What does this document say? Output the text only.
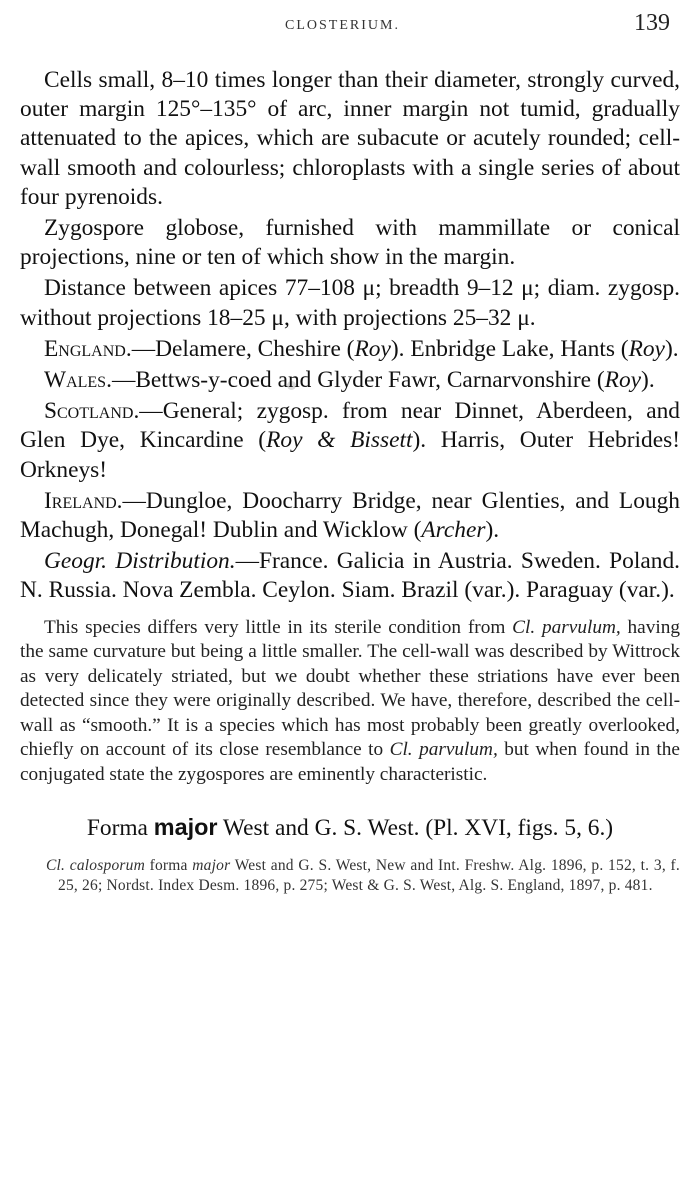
CLOSTERIUM.	139

Cells small, 8–10 times longer than their diameter, strongly curved, outer margin 125°–135° of arc, inner margin not tumid, gradually attenuated to the apices, which are subacute or acutely rounded; cell-wall smooth and colourless; chloroplasts with a single series of about four pyrenoids.

Zygospore globose, furnished with mammillate or conical projections, nine or ten of which show in the margin.

Distance between apices 77–108 μ; breadth 9–12 μ; diam. zygosp. without projections 18–25 μ, with projections 25–32 μ.

England.—Delamere, Cheshire (Roy). Enbridge Lake, Hants (Roy).

Wales.—Bettws-y-coed and Glyder Fawr, Carnarvonshire (Roy).

Scotland.—General; zygosp. from near Dinnet, Aberdeen, and Glen Dye, Kincardine (Roy & Bissett). Harris, Outer Hebrides! Orkneys!

Ireland.—Dungloe, Doocharry Bridge, near Glenties, and Lough Machugh, Donegal! Dublin and Wicklow (Archer).

Geogr. Distribution.—France. Galicia in Austria. Sweden. Poland. N. Russia. Nova Zembla. Ceylon. Siam. Brazil (var.). Paraguay (var.).

This species differs very little in its sterile condition from Cl. parvulum, having the same curvature but being a little smaller. The cell-wall was described by Wittrock as very delicately striated, but we doubt whether these striations have ever been detected since they were originally described. We have, therefore, described the cell-wall as “smooth.” It is a species which has most probably been greatly overlooked, chiefly on account of its close resemblance to Cl. parvulum, but when found in the conjugated state the zygospores are eminently characteristic.

Forma major West and G. S. West. (Pl. XVI, figs. 5, 6.)

Cl. calosporum forma major West and G. S. West, New and Int. Freshw. Alg. 1896, p. 152, t. 3, f. 25, 26; Nordst. Index Desm. 1896, p. 275; West & G. S. West, Alg. S. England, 1897, p. 481.
